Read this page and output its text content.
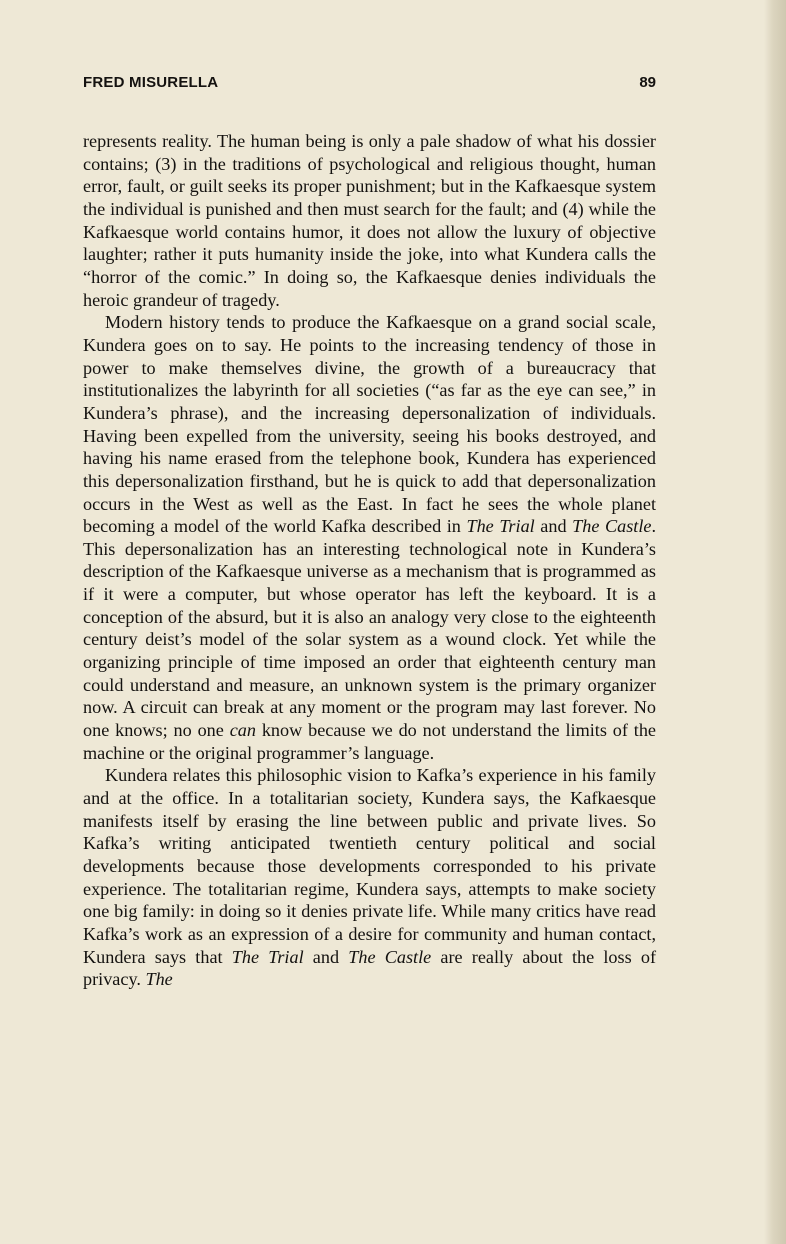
FRED MISURELLA	89

represents reality. The human being is only a pale shadow of what his dossier contains; (3) in the traditions of psychological and religious thought, human error, fault, or guilt seeks its proper punishment; but in the Kafkaesque system the individual is punished and then must search for the fault; and (4) while the Kafkaesque world contains humor, it does not allow the luxury of objective laughter; rather it puts humanity inside the joke, into what Kundera calls the “horror of the comic.” In doing so, the Kafkaesque denies individuals the heroic grandeur of tragedy.

Modern history tends to produce the Kafkaesque on a grand social scale, Kundera goes on to say. He points to the increasing tendency of those in power to make themselves divine, the growth of a bureaucracy that institutionalizes the labyrinth for all societies (“as far as the eye can see,” in Kundera’s phrase), and the increasing depersonalization of individuals. Having been expelled from the university, seeing his books destroyed, and having his name erased from the telephone book, Kundera has experienced this depersonalization firsthand, but he is quick to add that depersonalization occurs in the West as well as the East. In fact he sees the whole planet becoming a model of the world Kafka described in The Trial and The Castle. This depersonalization has an interesting technological note in Kundera’s description of the Kafkaesque universe as a mechanism that is programmed as if it were a computer, but whose operator has left the keyboard. It is a conception of the absurd, but it is also an analogy very close to the eighteenth century deist’s model of the solar system as a wound clock. Yet while the organizing principle of time imposed an order that eighteenth century man could understand and measure, an unknown system is the primary organizer now. A circuit can break at any moment or the program may last forever. No one knows; no one can know because we do not understand the limits of the machine or the original programmer’s language.

Kundera relates this philosophic vision to Kafka’s experience in his family and at the office. In a totalitarian society, Kundera says, the Kafkaesque manifests itself by erasing the line between public and private lives. So Kafka’s writing anticipated twentieth century political and social developments because those developments corresponded to his private experience. The totalitarian regime, Kundera says, attempts to make society one big family: in doing so it denies private life. While many critics have read Kafka’s work as an expression of a desire for community and human contact, Kundera says that The Trial and The Castle are really about the loss of privacy. The
